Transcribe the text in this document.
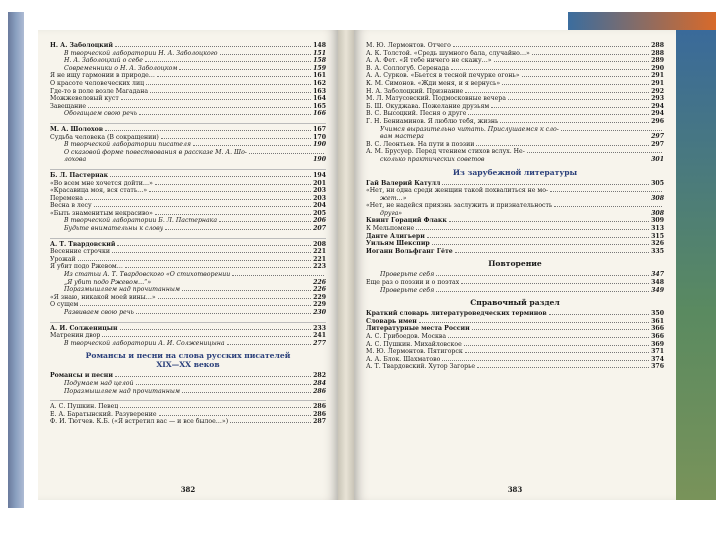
Н. А. Заболоцкий	148
В творческой лаборатории Н. А. Заболоцкого	151
Н. А. Заболоцкий о себе	158
Современники о Н. А. Заболоцком	159
Я не ищу гармонии в природе…	161
О красоте человеческих лиц	162
Где-то в поле возле Магадана	163
Можжевеловый куст	164
Завещание	165
Обогащаем свою речь	166
М. А. Шолохов	167
Судьба человека (В сокращении)	170
В творческой лаборатории писателя	190
О сказовой форме повествования в рассказе М. А. Шо-
лохова	190
Б. Л. Пастернак	194
«Во всем мне хочется дойти…»	201
«Красавица моя, вся стать…»	203
Перемена	203
Весна в лесу	204
«Быть знаменитым некрасиво»	205
В творческой лаборатории Б. Л. Пастернака	206
Будьте внимательны к слову	207
А. Т. Твардовский	208
Весенние строчки	221
Урожай	221
Я убит подо Ржевом…	223
Из статьи А. Т. Твардовского «О стихотворении
„Я убит подо Ржевом…“»	226
Поразмышляем над прочитанным	226
«Я знаю, никакой моей вины…»	229
О сущем	229
Развиваем свою речь	230
А. И. Солженицын	233
Матренин двор	241
В творческой лаборатории А. И. Солженицына	277
Романсы и песни на слова русских писателей
XIX—XX веков
Романсы и песни	282
Подумаем над целой	284
Поразмышляем над прочитанным	286
А. С. Пушкин. Певец	286
Е. А. Баратынский. Разуверение	286
Ф. И. Тютчев. К.Б. («Я встретил вас — и все былое…»)	287
382
М. Ю. Лермонтов. Отчего	288
А. К. Толстой. «Средь шумного бала, случайно…»	288
А. А. Фет. «Я тебе ничего не скажу…»	289
В. А. Соллогуб. Серенада	290
А. А. Сурков. «Бьется в тесной печурке огонь»	291
К. М. Симонов. «Жди меня, и я вернусь»	291
Н. А. Заболоцкий. Признание	292
М. Л. Матусовский. Подмосковные вечера	293
Б. Ш. Окуджава. Пожелание друзьям	294
В. С. Высоцкий. Песня о друге	294
Г. Н. Бениаминов. Я люблю тебя, жизнь	296
Учимся выразительно читать. Прислушаемся к сло-
вам мастера	297
В. С. Леонтьев. На пути в поэзии	297
А. М. Брусуер. Перед чтением стихов вслух. Не-
сколько практических советов	301
Из зарубежной литературы
Гай Валерий Катулл	305
«Нет, ни одна среди женщин такой похвалиться не мо-
жет…»	308
«Нет, не надейся приязнь заслужить и признательность
друга»	308
Квинт Гораций Флакк	309
К Мельпомене	313
Данте Алигьери	315
Уильям Шекспир	326
Иоганн Вольфганг Гёте	335
Повторение
Проверьте себя	347
Еще раз о поэзии и о поэтах	348
Проверьте себя	349
Справочный раздел
Краткий словарь литературоведческих терминов	350
Словарь имен	361
Литературные места России	366
А. С. Грибоедов. Москва	366
А. С. Пушкин. Михайловское	369
М. Ю. Лермонтов. Пятигорск	371
А. А. Блок. Шахматово	374
А. Т. Твардовский. Хутор Загорье	376
383
